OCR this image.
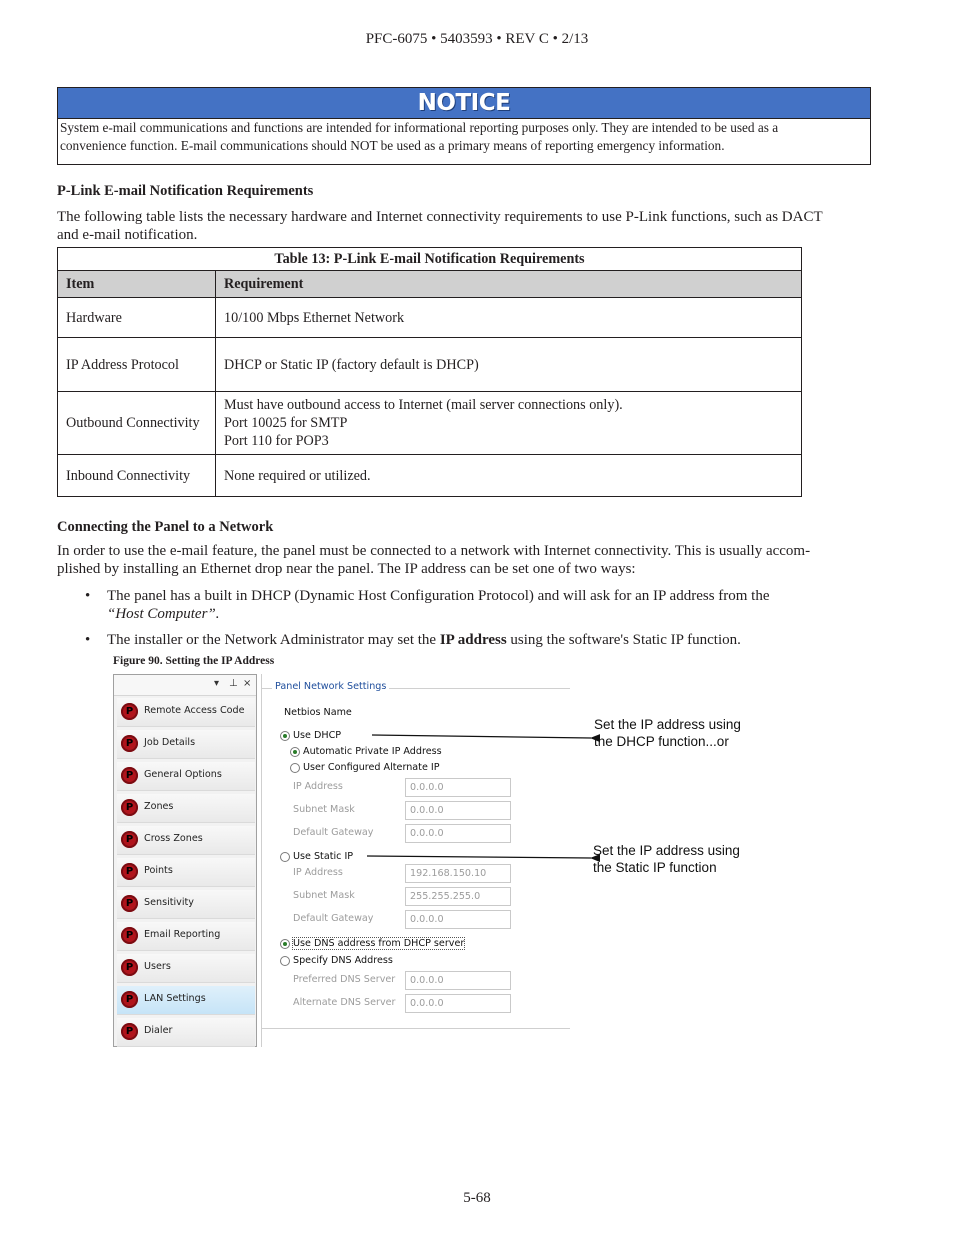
PFC-6075 • 5403593 • REV C • 2/13
NOTICE
System e-mail communications and functions are intended for informational reporting purposes only. They are intended to be used as a
convenience function. E-mail communications should NOT be used as a primary means of reporting emergency information.
P-Link E-mail Notification Requirements
The following table lists the necessary hardware and Internet connectivity requirements to use P-Link functions, such as DACT
and e-mail notification.
Table 13: P-Link E-mail Notification Requirements	
Item	Requirement
Hardware	10/100 Mbps Ethernet Network
IP Address Protocol	DHCP or Static IP (factory default is DHCP)
Outbound Connectivity	Must have outbound access to Internet (mail server connections only).
Port 10025 for SMTP
Port 110 for POP3

Inbound Connectivity	None required or utilized.
Connecting the Panel to a Network
In order to use the e-mail feature, the panel must be connected to a network with Internet connectivity. This is usually accom-
plished by installing an Ethernet drop near the panel. The IP address can be set one of two ways:
• The panel has a built in DHCP (Dynamic Host Configuration Protocol) and will ask for an IP address from the
“Host Computer”.
• The installer or the Network Administrator may set the IP address using the software's Static IP function.
Figure 90. Setting the IP Address
▾ ⊥ ×
P	Remote Access Code
P	Job Details
P	General Options
P	Zones
P	Cross Zones
P	Points
P	Sensitivity
P	Email Reporting
P	Users
P	LAN Settings
P	Dialer
Panel Network Settings
Netbios Name
Use DHCP
Automatic Private IP Address
User Configured Alternate IP
IP Address	0.0.0.0
Subnet Mask	0.0.0.0
Default Gateway	0.0.0.0
Use Static IP
IP Address	192.168.150.10
Subnet Mask	255.255.255.0
Default Gateway	0.0.0.0
Use DNS address from DHCP server
Specify DNS Address
Preferred DNS Server	0.0.0.0
Alternate DNS Server	0.0.0.0
Set the IP address using
the DHCP function...or
Set the IP address using
the Static IP function
5-68
